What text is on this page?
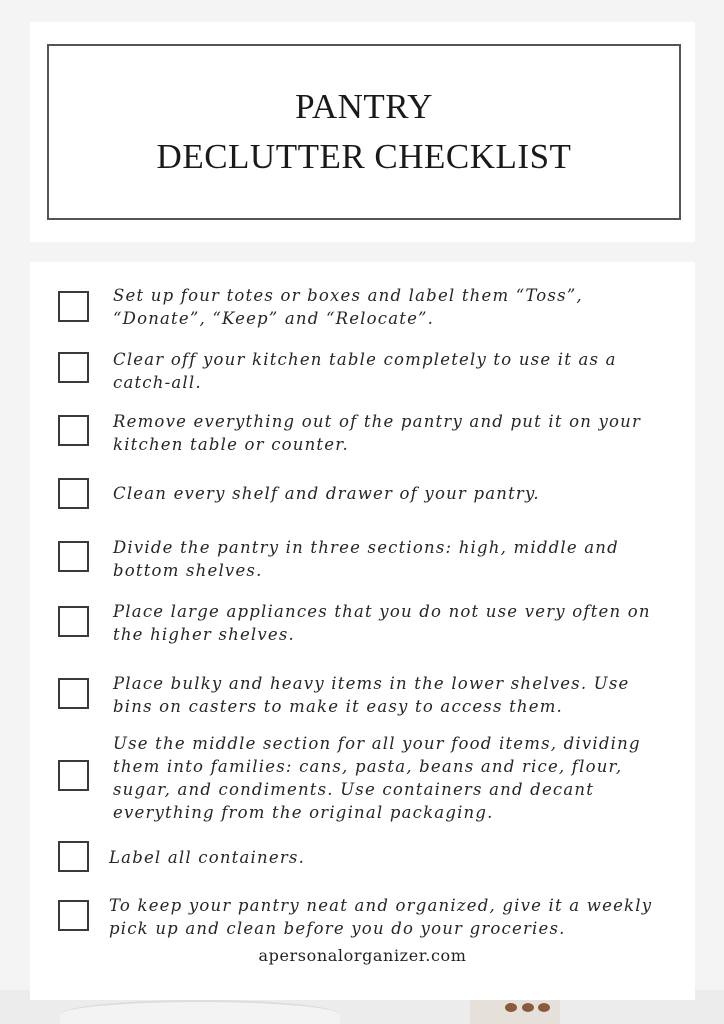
PANTRY
DECLUTTER CHECKLIST
Set up four totes or boxes and label them “Toss”, “Donate”, “Keep” and “Relocate”.
Clear off your kitchen table completely to use it as a catch-all.
Remove everything out of the pantry and put it on your kitchen table or counter.
Clean every shelf and drawer of your pantry.
Divide the pantry in three sections: high, middle and bottom shelves.
Place large appliances that you do not use very often on the higher shelves.
Place bulky and heavy items in the lower shelves. Use bins on casters to make it easy to access them.
Use the middle section for all your food items, dividing them into families: cans, pasta, beans and rice, flour, sugar, and condiments. Use containers and decant everything from the original packaging.
Label all containers.
To keep your pantry neat and organized, give it a weekly pick up and clean before you do your groceries.
apersonalorganizer.com
